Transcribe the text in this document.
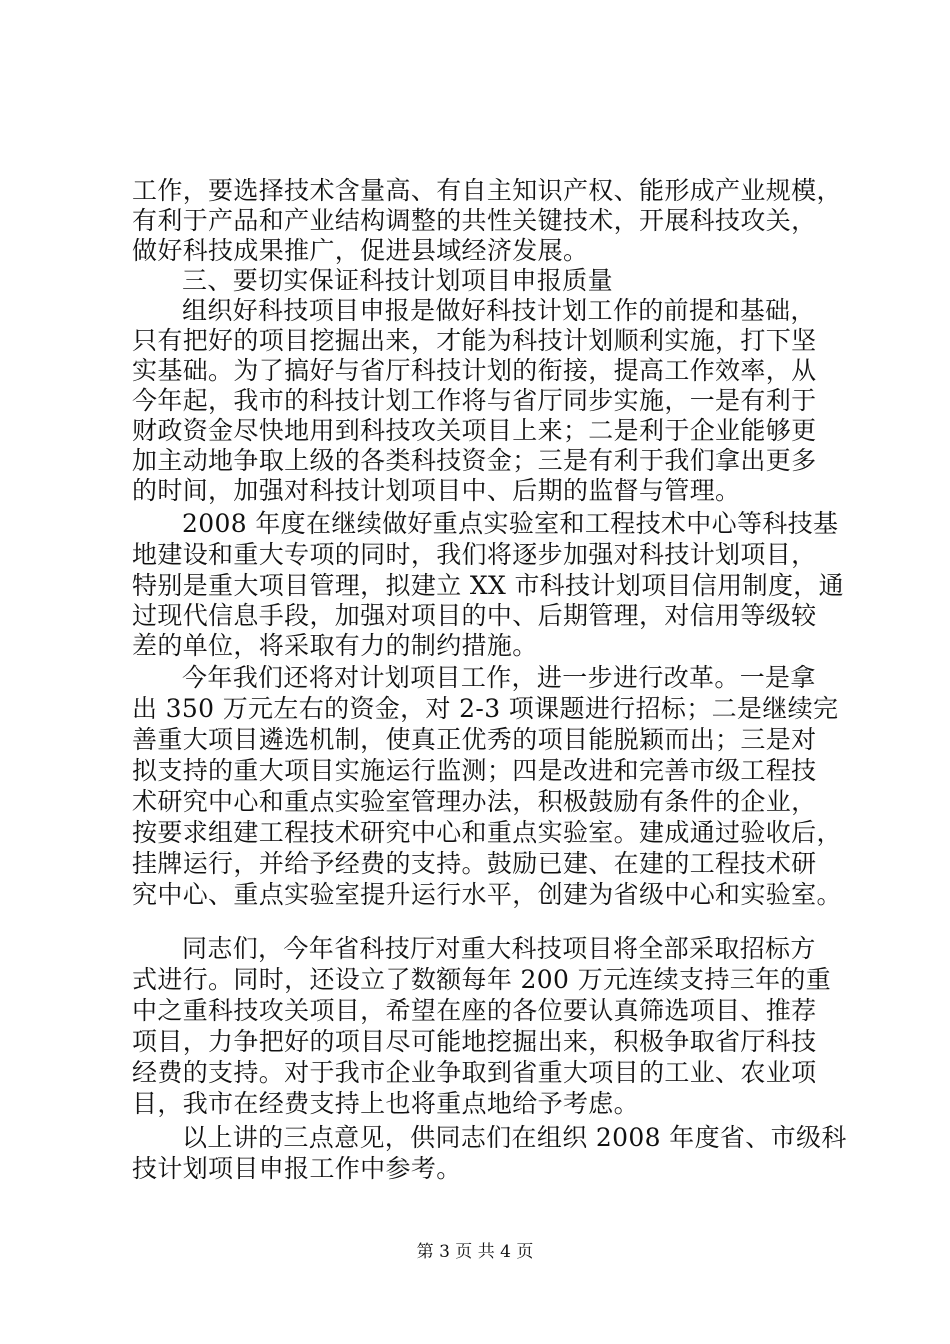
工作，要选择技术含量高、有自主知识产权、能形成产业规模，
有利于产品和产业结构调整的共性关键技术，开展科技攻关，
做好科技成果推广，促进县域经济发展。
三、要切实保证科技计划项目申报质量
组织好科技项目申报是做好科技计划工作的前提和基础，
只有把好的项目挖掘出来，才能为科技计划顺利实施，打下坚
实基础。为了搞好与省厅科技计划的衔接，提高工作效率，从
今年起，我市的科技计划工作将与省厅同步实施，一是有利于
财政资金尽快地用到科技攻关项目上来；二是利于企业能够更
加主动地争取上级的各类科技资金；三是有利于我们拿出更多
的时间，加强对科技计划项目中、后期的监督与管理。
2008 年度在继续做好重点实验室和工程技术中心等科技基
地建设和重大专项的同时，我们将逐步加强对科技计划项目，
特别是重大项目管理，拟建立 XX 市科技计划项目信用制度，通
过现代信息手段，加强对项目的中、后期管理，对信用等级较
差的单位，将采取有力的制约措施。
今年我们还将对计划项目工作，进一步进行改革。一是拿
出 350 万元左右的资金，对 2-3 项课题进行招标；二是继续完
善重大项目遴选机制，使真正优秀的项目能脱颖而出；三是对
拟支持的重大项目实施运行监测；四是改进和完善市级工程技
术研究中心和重点实验室管理办法，积极鼓励有条件的企业，
按要求组建工程技术研究中心和重点实验室。建成通过验收后，
挂牌运行，并给予经费的支持。鼓励已建、在建的工程技术研
究中心、重点实验室提升运行水平，创建为省级中心和实验室。
同志们，今年省科技厅对重大科技项目将全部采取招标方
式进行。同时，还设立了数额每年 200 万元连续支持三年的重
中之重科技攻关项目，希望在座的各位要认真筛选项目、推荐
项目，力争把好的项目尽可能地挖掘出来，积极争取省厅科技
经费的支持。对于我市企业争取到省重大项目的工业、农业项
目，我市在经费支持上也将重点地给予考虑。
以上讲的三点意见，供同志们在组织 2008 年度省、市级科
技计划项目申报工作中参考。
第 3 页 共 4 页
